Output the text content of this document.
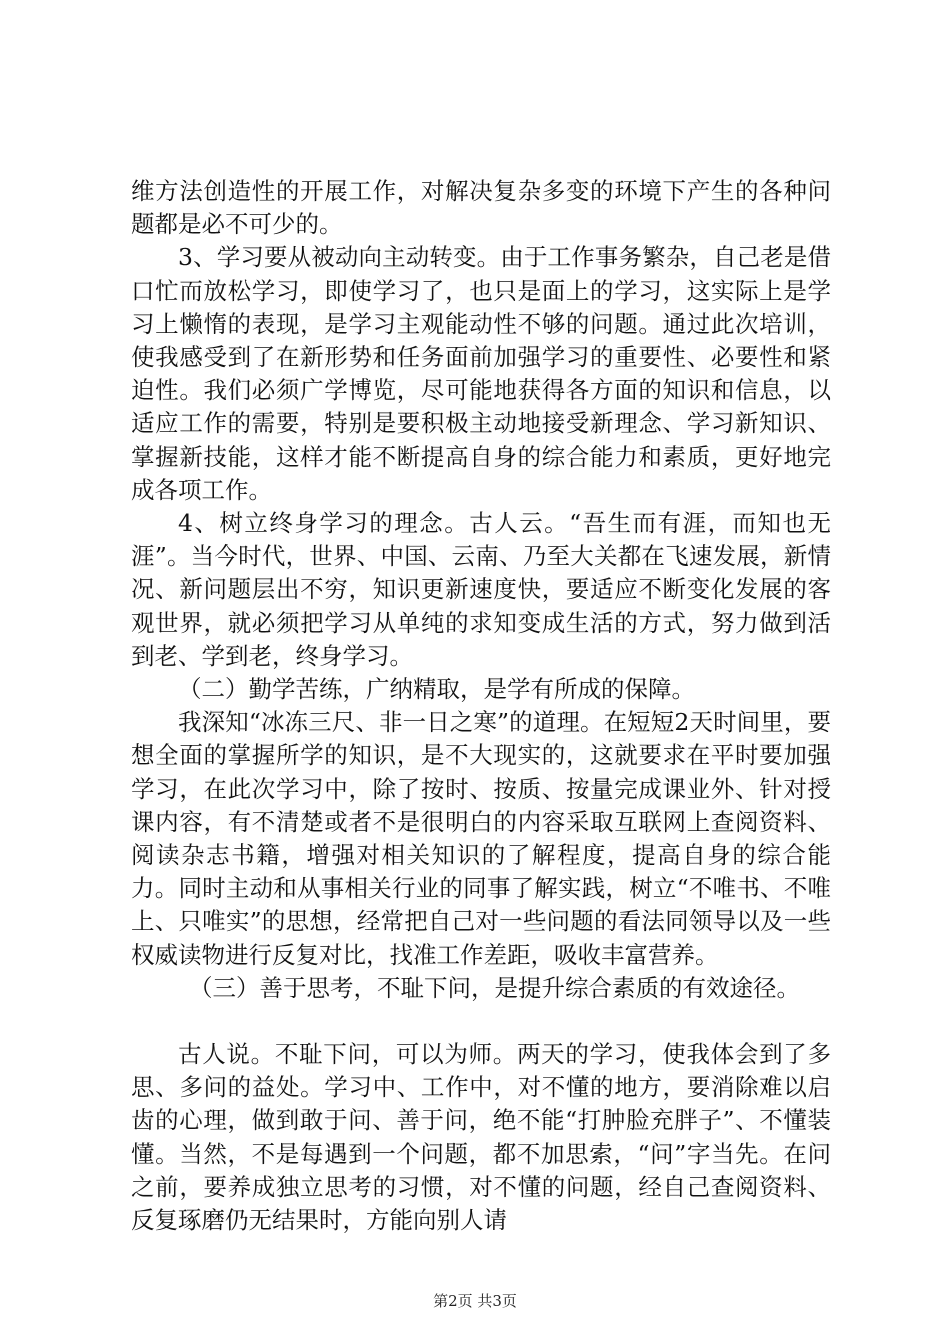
维方法创造性的开展工作，对解决复杂多变的环境下产生的各种问题都是必不可少的。

3、学习要从被动向主动转变。由于工作事务繁杂，自己老是借口忙而放松学习，即使学习了，也只是面上的学习，这实际上是学习上懒惰的表现，是学习主观能动性不够的问题。通过此次培训，使我感受到了在新形势和任务面前加强学习的重要性、必要性和紧迫性。我们必须广学博览，尽可能地获得各方面的知识和信息，以适应工作的需要，特别是要积极主动地接受新理念、学习新知识、掌握新技能，这样才能不断提高自身的综合能力和素质，更好地完成各项工作。

4、树立终身学习的理念。古人云。“吾生而有涯，而知也无涯”。当今时代，世界、中国、云南、乃至大关都在飞速发展，新情况、新问题层出不穷，知识更新速度快，要适应不断变化发展的客观世界，就必须把学习从单纯的求知变成生活的方式，努力做到活到老、学到老，终身学习。

（二）勤学苦练，广纳精取，是学有所成的保障。

我深知“冰冻三尺、非一日之寒”的道理。在短短2天时间里，要想全面的掌握所学的知识，是不大现实的，这就要求在平时要加强学习，在此次学习中，除了按时、按质、按量完成课业外、针对授课内容，有不清楚或者不是很明白的内容采取互联网上查阅资料、阅读杂志书籍，增强对相关知识的了解程度，提高自身的综合能力。同时主动和从事相关行业的同事了解实践，树立“不唯书、不唯上、只唯实”的思想，经常把自己对一些问题的看法同领导以及一些权威读物进行反复对比，找准工作差距，吸收丰富营养。

（三）善于思考，不耻下问，是提升综合素质的有效途径。

古人说。不耻下问，可以为师。两天的学习，使我体会到了多思、多问的益处。学习中、工作中，对不懂的地方，要消除难以启齿的心理，做到敢于问、善于问，绝不能“打肿脸充胖子”、不懂装懂。当然，不是每遇到一个问题，都不加思索，“问”字当先。在问之前，要养成独立思考的习惯，对不懂的问题，经自己查阅资料、反复琢磨仍无结果时，方能向别人请

第2页 共3页
